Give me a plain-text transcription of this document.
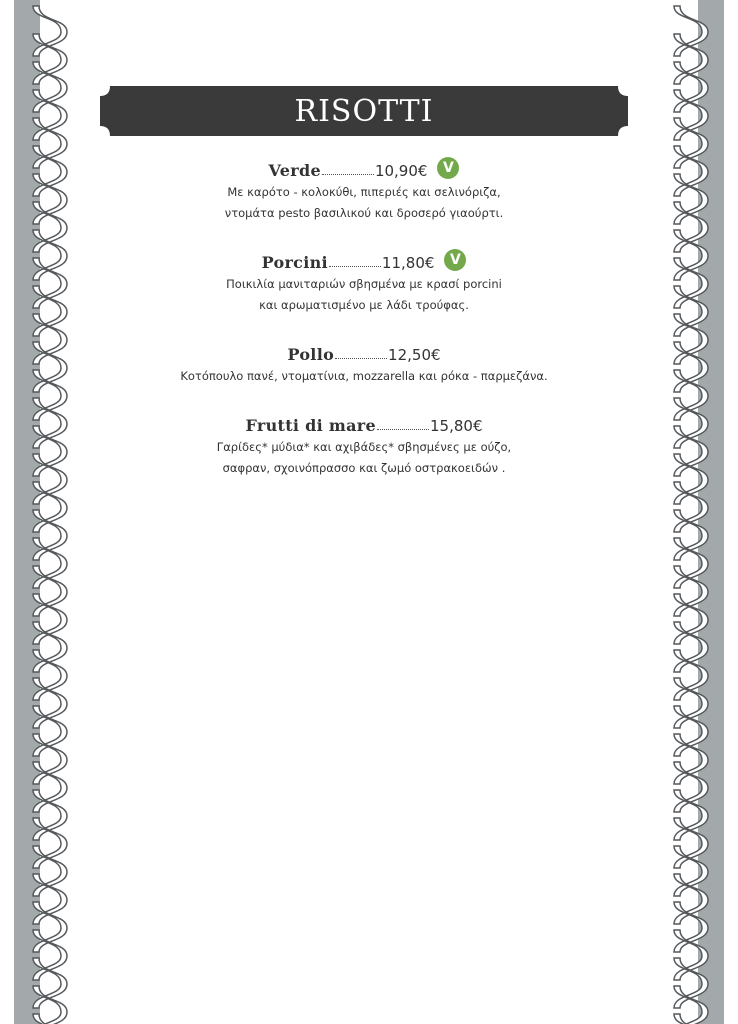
RISOTTI
Verde	10,90€	V
Με καρότο - κολοκύθι, πιπεριές και σελινόριζα,
ντομάτα pesto βασιλικού και δροσερό γιαούρτι.
Porcini	11,80€	V
Ποικιλία μανιταριών σβησμένα με κρασί porcini
και αρωματισμένο με λάδι τρούφας.
Pollo	12,50€
Κοτόπουλο πανέ, ντοματίνια, mozzarella και ρόκα - παρμεζάνα.
Frutti di mare	15,80€
Γαρίδες* μύδια* και αχιβάδες* σβησμένες με ούζο,
σαφραν, σχοινόπρασσο και ζωμό οστρακοειδών .
